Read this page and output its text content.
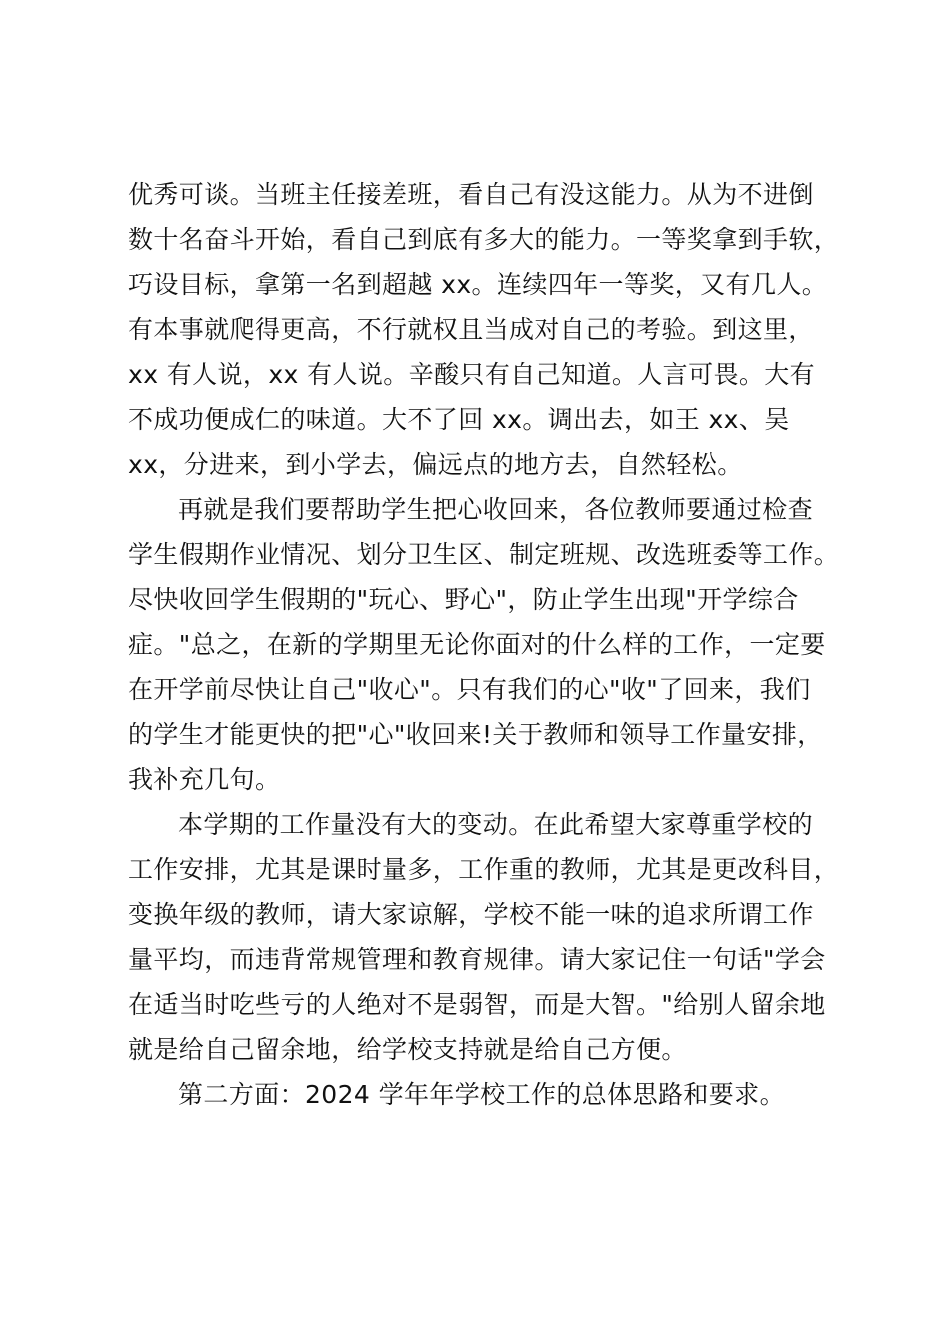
优秀可谈。当班主任接差班，看自己有没这能力。从为不进倒
数十名奋斗开始，看自己到底有多大的能力。一等奖拿到手软，
巧设目标，拿第一名到超越 xx。连续四年一等奖，又有几人。
有本事就爬得更高，不行就权且当成对自己的考验。到这里，
xx 有人说，xx 有人说。辛酸只有自己知道。人言可畏。大有
不成功便成仁的味道。大不了回 xx。调出去，如王 xx、吴
xx，分进来，到小学去，偏远点的地方去，自然轻松。
再就是我们要帮助学生把心收回来，各位教师要通过检查
学生假期作业情况、划分卫生区、制定班规、改选班委等工作。
尽快收回学生假期的"玩心、野心"，防止学生出现"开学综合
症。"总之，在新的学期里无论你面对的什么样的工作，一定要
在开学前尽快让自己"收心"。只有我们的心"收"了回来，我们
的学生才能更快的把"心"收回来!关于教师和领导工作量安排，
我补充几句。
本学期的工作量没有大的变动。在此希望大家尊重学校的
工作安排，尤其是课时量多，工作重的教师，尤其是更改科目，
变换年级的教师，请大家谅解，学校不能一味的追求所谓工作
量平均，而违背常规管理和教育规律。请大家记住一句话"学会
在适当时吃些亏的人绝对不是弱智，而是大智。"给别人留余地
就是给自己留余地，给学校支持就是给自己方便。
第二方面：2024 学年年学校工作的总体思路和要求。
